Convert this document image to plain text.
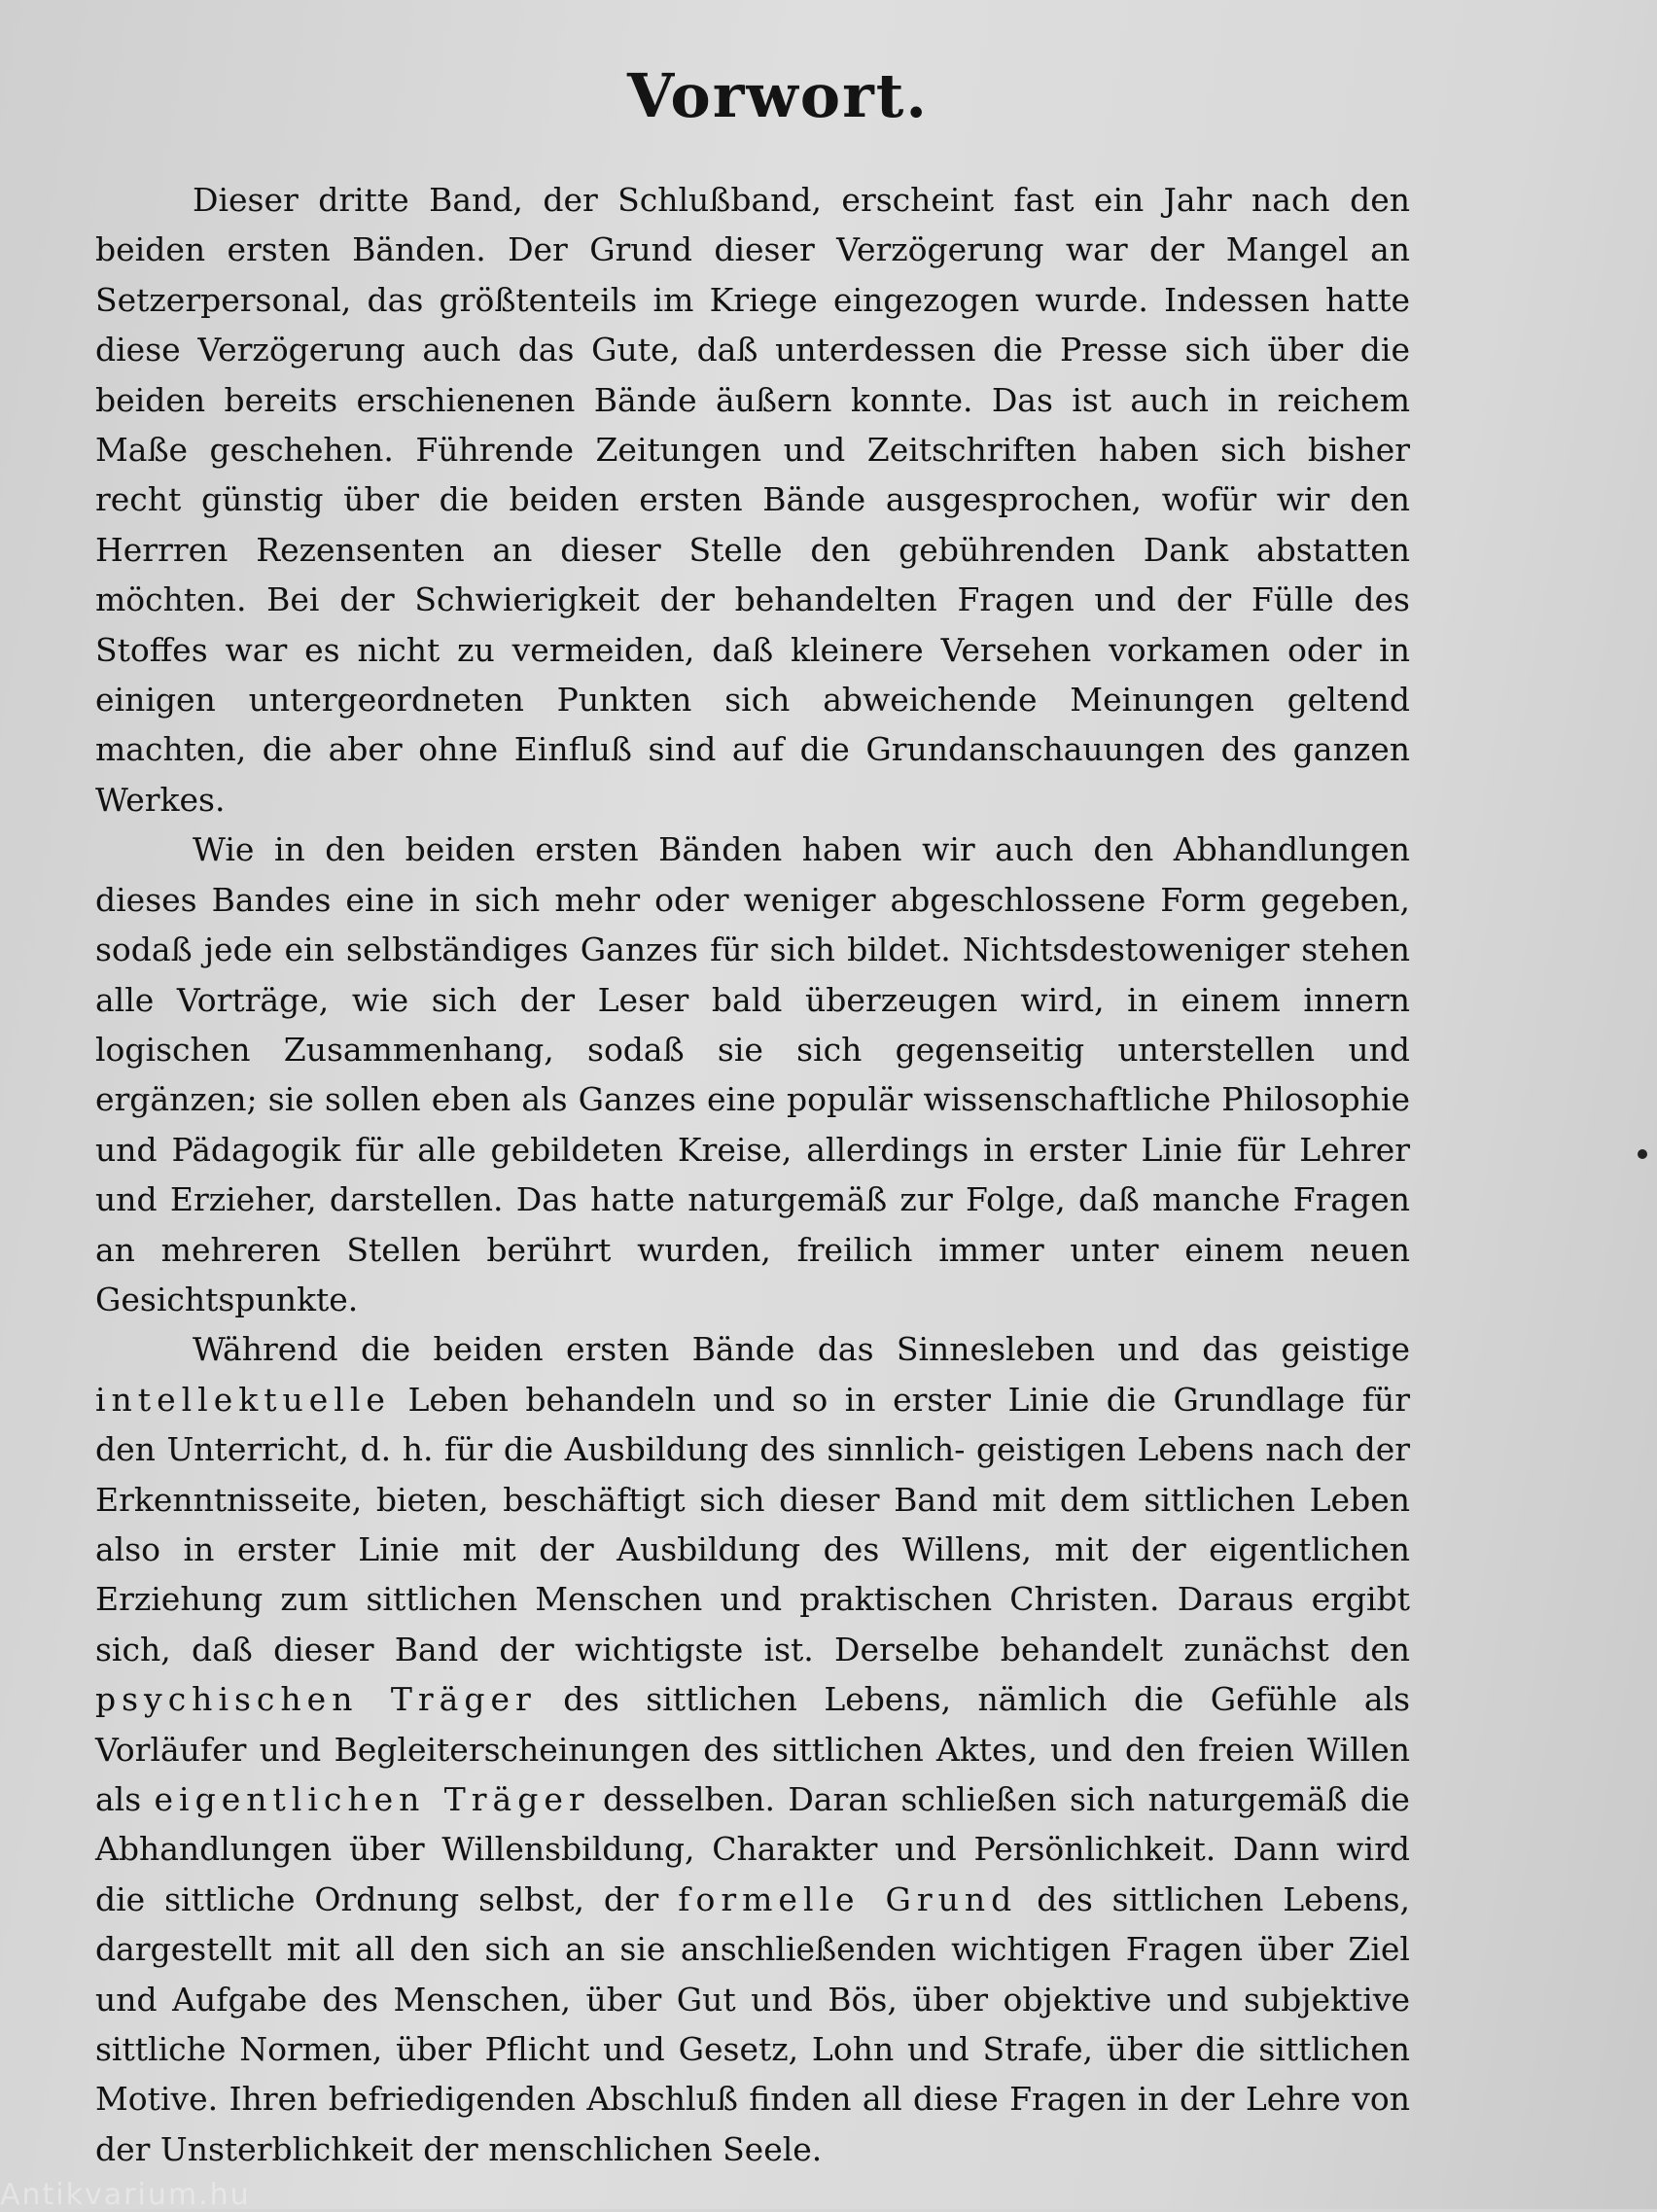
Vorwort.

Dieser dritte Band, der Schlußband, erscheint fast ein Jahr nach den beiden ersten Bänden. Der Grund dieser Verzögerung war der Mangel an Setzerpersonal, das größtenteils im Kriege eingezogen wurde. Indessen hatte diese Verzögerung auch das Gute, daß unterdessen die Presse sich über die beiden bereits erschienenen Bände äußern konnte. Das ist auch in reichem Maße geschehen. Führende Zeitungen und Zeitschriften haben sich bisher recht günstig über die beiden ersten Bände ausgesprochen, wofür wir den Herrren Rezensenten an dieser Stelle den gebührenden Dank abstatten möchten. Bei der Schwierigkeit der behandelten Fragen und der Fülle des Stoffes war es nicht zu vermeiden, daß kleinere Versehen vorkamen oder in einigen untergeordneten Punkten sich abweichende Meinungen geltend machten, die aber ohne Einfluß sind auf die Grundanschauungen des ganzen Werkes.

Wie in den beiden ersten Bänden haben wir auch den Abhandlungen dieses Bandes eine in sich mehr oder weniger abgeschlossene Form gegeben, sodaß jede ein selbständiges Ganzes für sich bildet. Nichtsdestoweniger stehen alle Vorträge, wie sich der Leser bald überzeugen wird, in einem innern logischen Zusammenhang, sodaß sie sich gegenseitig unterstellen und ergänzen; sie sollen eben als Ganzes eine populär wissenschaftliche Philosophie und Pädagogik für alle gebildeten Kreise, allerdings in erster Linie für Lehrer und Erzieher, darstellen. Das hatte naturgemäß zur Folge, daß manche Fragen an mehreren Stellen berührt wurden, freilich immer unter einem neuen Gesichtspunkte.

Während die beiden ersten Bände das Sinnesleben und das geistige intellektuelle Leben behandeln und so in erster Linie die Grundlage für den Unterricht, d. h. für die Ausbildung des sinnlich- geistigen Lebens nach der Erkenntnisseite, bieten, beschäftigt sich dieser Band mit dem sittlichen Leben also in erster Linie mit der Ausbildung des Willens, mit der eigentlichen Erziehung zum sittlichen Menschen und praktischen Christen. Daraus ergibt sich, daß dieser Band der wichtigste ist. Derselbe behandelt zunächst den psychischen Träger des sittlichen Lebens, nämlich die Gefühle als Vorläufer und Begleiterscheinungen des sittlichen Aktes, und den freien Willen als eigentlichen Träger desselben. Daran schließen sich naturgemäß die Abhandlungen über Willensbildung, Charakter und Persönlichkeit. Dann wird die sittliche Ordnung selbst, der formelle Grund des sittlichen Lebens, dargestellt mit all den sich an sie anschließenden wichtigen Fragen über Ziel und Aufgabe des Menschen, über Gut und Bös, über objektive und subjektive sittliche Normen, über Pflicht und Gesetz, Lohn und Strafe, über die sittlichen Motive. Ihren befriedigenden Abschluß finden all diese Fragen in der Lehre von der Unsterblichkeit der menschlichen Seele.

Antikvarium.hu
